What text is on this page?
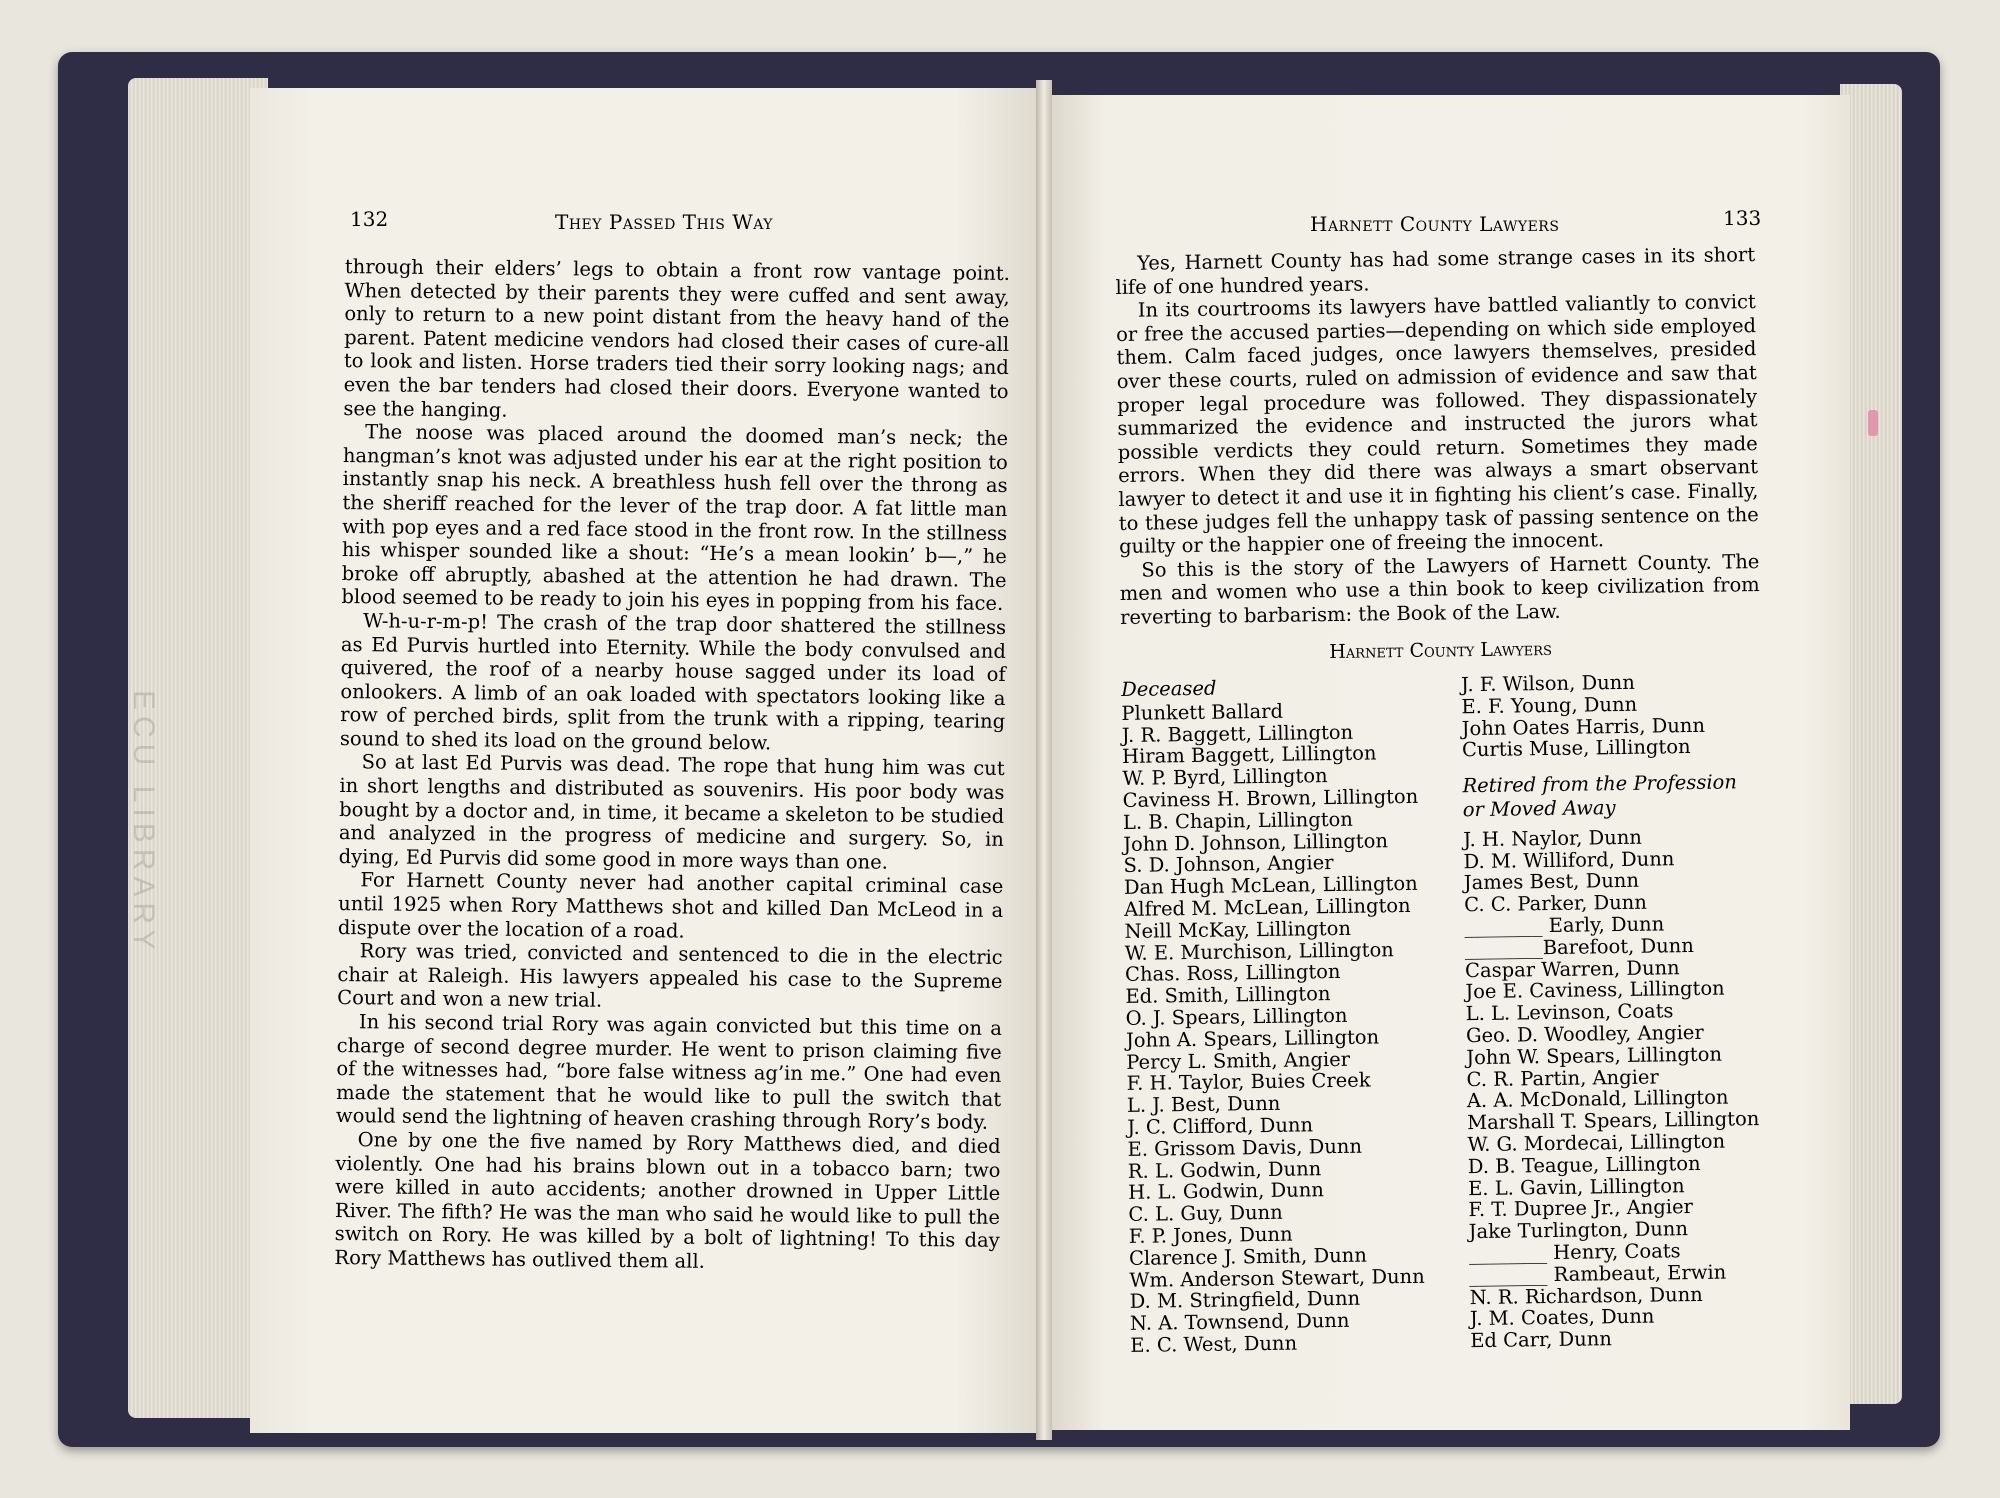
ECU LIBRARY
132	They Passed This Way

through their elders’ legs to obtain a front row vantage point. When detected by their parents they were cuffed and sent away, only to return to a new point distant from the heavy hand of the parent. Patent medicine vendors had closed their cases of cure-all to look and listen. Horse traders tied their sorry looking nags; and even the bar tenders had closed their doors. Everyone wanted to see the hanging.

The noose was placed around the doomed man’s neck; the hangman’s knot was adjusted under his ear at the right position to instantly snap his neck. A breathless hush fell over the throng as the sheriff reached for the lever of the trap door. A fat little man with pop eyes and a red face stood in the front row. In the stillness his whisper sounded like a shout: “He’s a mean lookin’ b—,” he broke off abruptly, abashed at the attention he had drawn. The blood seemed to be ready to join his eyes in popping from his face.

W-h-u-r-m-p! The crash of the trap door shattered the stillness as Ed Purvis hurtled into Eternity. While the body convulsed and quivered, the roof of a nearby house sagged under its load of onlookers. A limb of an oak loaded with spectators looking like a row of perched birds, split from the trunk with a ripping, tearing sound to shed its load on the ground below.

So at last Ed Purvis was dead. The rope that hung him was cut in short lengths and distributed as souvenirs. His poor body was bought by a doctor and, in time, it became a skeleton to be studied and analyzed in the progress of medicine and surgery. So, in dying, Ed Purvis did some good in more ways than one.

For Harnett County never had another capital criminal case until 1925 when Rory Matthews shot and killed Dan McLeod in a dispute over the location of a road.

Rory was tried, convicted and sentenced to die in the electric chair at Raleigh. His lawyers appealed his case to the Supreme Court and won a new trial.

In his second trial Rory was again convicted but this time on a charge of second degree murder. He went to prison claiming five of the witnesses had, “bore false witness ag’in me.” One had even made the statement that he would like to pull the switch that would send the lightning of heaven crashing through Rory’s body.

One by one the five named by Rory Matthews died, and died violently. One had his brains blown out in a tobacco barn; two were killed in auto accidents; another drowned in Upper Little River. The fifth? He was the man who said he would like to pull the switch on Rory. He was killed by a bolt of lightning! To this day Rory Matthews has outlived them all.

Harnett County Lawyers	133

Yes, Harnett County has had some strange cases in its short life of one hundred years.

In its courtrooms its lawyers have battled valiantly to convict or free the accused parties—depending on which side employed them. Calm faced judges, once lawyers themselves, presided over these courts, ruled on admission of evidence and saw that proper legal procedure was followed. They dispassionately summarized the evidence and instructed the jurors what possible verdicts they could return. Sometimes they made errors. When they did there was always a smart observant lawyer to detect it and use it in fighting his client’s case. Finally, to these judges fell the unhappy task of passing sentence on the guilty or the happier one of freeing the innocent.

So this is the story of the Lawyers of Harnett County. The men and women who use a thin book to keep civilization from reverting to barbarism: the Book of the Law.

Harnett County Lawyers
Deceased
Plunkett Ballard
J. R. Baggett, Lillington
Hiram Baggett, Lillington
W. P. Byrd, Lillington
Caviness H. Brown, Lillington
L. B. Chapin, Lillington
John D. Johnson, Lillington
S. D. Johnson, Angier
Dan Hugh McLean, Lillington
Alfred M. McLean, Lillington
Neill McKay, Lillington
W. E. Murchison, Lillington
Chas. Ross, Lillington
Ed. Smith, Lillington
O. J. Spears, Lillington
John A. Spears, Lillington
Percy L. Smith, Angier
F. H. Taylor, Buies Creek
L. J. Best, Dunn
J. C. Clifford, Dunn
E. Grissom Davis, Dunn
R. L. Godwin, Dunn
H. L. Godwin, Dunn
C. L. Guy, Dunn
F. P. Jones, Dunn
Clarence J. Smith, Dunn
Wm. Anderson Stewart, Dunn
D. M. Stringfield, Dunn
N. A. Townsend, Dunn
E. C. West, Dunn
J. F. Wilson, Dunn
E. F. Young, Dunn
John Oates Harris, Dunn
Curtis Muse, Lillington
Retired from the Profession
or Moved Away
J. H. Naylor, Dunn
D. M. Williford, Dunn
James Best, Dunn
C. C. Parker, Dunn
________ Early, Dunn
________Barefoot, Dunn
Caspar Warren, Dunn
Joe E. Caviness, Lillington
L. L. Levinson, Coats
Geo. D. Woodley, Angier
John W. Spears, Lillington
C. R. Partin, Angier
A. A. McDonald, Lillington
Marshall T. Spears, Lillington
W. G. Mordecai, Lillington
D. B. Teague, Lillington
E. L. Gavin, Lillington
F. T. Dupree Jr., Angier
Jake Turlington, Dunn
________ Henry, Coats
________ Rambeaut, Erwin
N. R. Richardson, Dunn
J. M. Coates, Dunn
Ed Carr, Dunn
